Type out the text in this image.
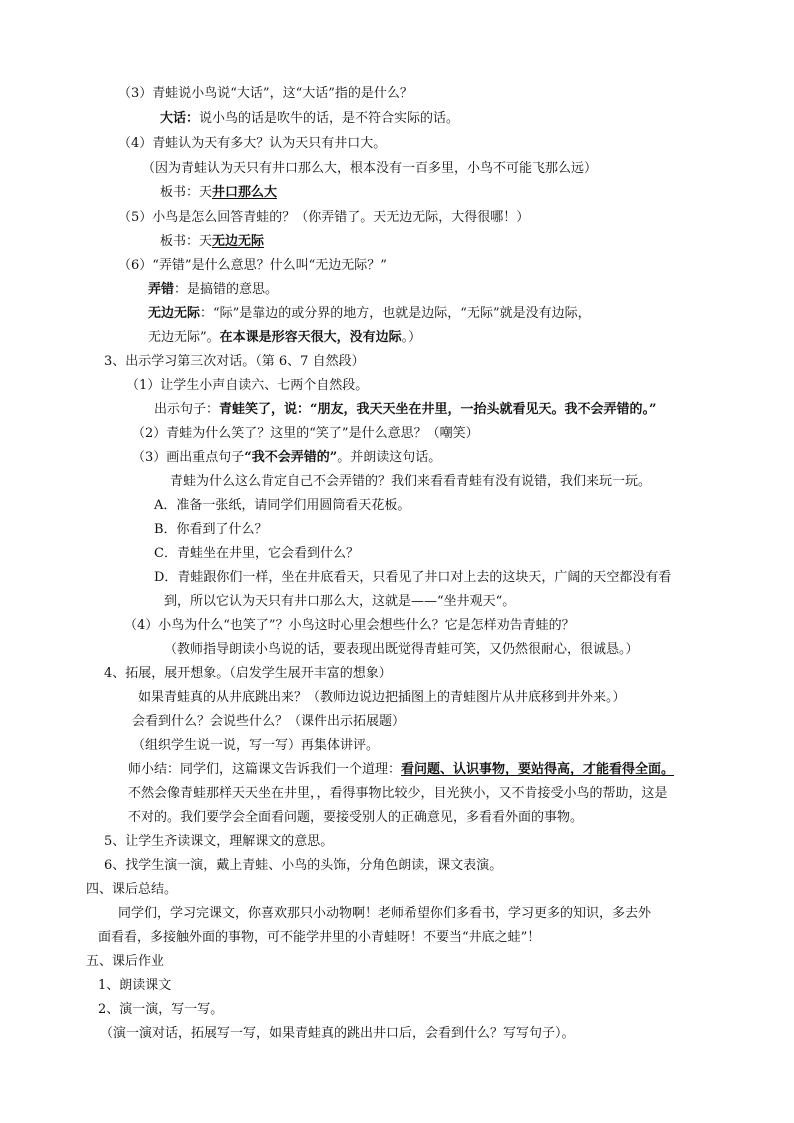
（3）青蛙说小鸟说“大话”，这“大话”指的是什么？
大话：说小鸟的话是吹牛的话，是不符合实际的话。
（4）青蛙认为天有多大？认为天只有井口大。
（因为青蛙认为天只有井口那么大，根本没有一百多里，小鸟不可能飞那么远）
板书：天井口那么大
（5）小鸟是怎么回答青蛙的？（你弄错了。天无边无际，大得很哪！）
板书：天无边无际
（6）“弄错”是什么意思？什么叫“无边无际？”
弄错：是搞错的意思。
无边无际：“际”是靠边的或分界的地方，也就是边际，“无际”就是没有边际，
无边无际”。在本课是形容天很大，没有边际。）
3、出示学习第三次对话。（第 6、7 自然段）
（1）让学生小声自读六、七两个自然段。
出示句子：青蛙笑了，说：“朋友，我天天坐在井里，一抬头就看见天。我不会弄错的。”
（2）青蛙为什么笑了？这里的“笑了”是什么意思？（嘲笑）
（3）画出重点句子“我不会弄错的”。并朗读这句话。
青蛙为什么这么肯定自己不会弄错的？我们来看看青蛙有没有说错，我们来玩一玩。
A．准备一张纸，请同学们用圆筒看天花板。
B．你看到了什么？
C．青蛙坐在井里，它会看到什么？
D．青蛙跟你们一样，坐在井底看天，只看见了井口对上去的这块天，广阔的天空都没有看
到，所以它认为天只有井口那么大，这就是——“坐井观天“。
（4）小鸟为什么“也笑了”？小鸟这时心里会想些什么？它是怎样劝告青蛙的？
（教师指导朗读小鸟说的话，要表现出既觉得青蛙可笑，又仍然很耐心，很诚恳。）
4、拓展，展开想象。（启发学生展开丰富的想象）
如果青蛙真的从井底跳出来？（教师边说边把插图上的青蛙图片从井底移到井外来。）
会看到什么？会说些什么？（课件出示拓展题）
（组织学生说一说，写一写）再集体讲评。
师小结：同学们，这篇课文告诉我们一个道理：看问题、认识事物，要站得高，才能看得全面。
不然会像青蛙那样天天坐在井里，，看得事物比较少，目光狭小，又不肯接受小鸟的帮助，这是
不对的。我们要学会全面看问题，要接受别人的正确意见，多看看外面的事物。
5、让学生齐读课文，理解课文的意思。
6、找学生演一演，戴上青蛙、小鸟的头饰，分角色朗读，课文表演。
四、课后总结。
同学们，学习完课文，你喜欢那只小动物啊！老师希望你们多看书，学习更多的知识，多去外
面看看，多接触外面的事物，可不能学井里的小青蛙呀！不要当“井底之蛙”！
五、课后作业
1、朗读课文
2、演一演，写一写。
（演一演对话，拓展写一写，如果青蛙真的跳出井口后，会看到什么？写写句子）。
